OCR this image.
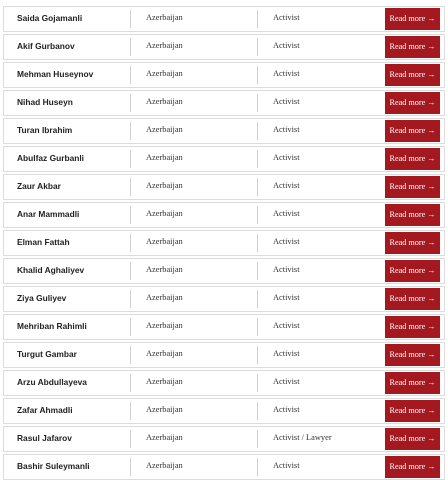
Saida Gojamanli	Azerbaijan	Activist	Read more →
Akif Gurbanov	Azerbaijan	Activist	Read more →
Mehman Huseynov	Azerbaijan	Activist	Read more →
Nihad Huseyn	Azerbaijan	Activist	Read more →
Turan Ibrahim	Azerbaijan	Activist	Read more →
Abulfaz Gurbanli	Azerbaijan	Activist	Read more →
Zaur Akbar	Azerbaijan	Activist	Read more →
Anar Mammadli	Azerbaijan	Activist	Read more →
Elman Fattah	Azerbaijan	Activist	Read more →
Khalid Aghaliyev	Azerbaijan	Activist	Read more →
Ziya Guliyev	Azerbaijan	Activist	Read more →
Mehriban Rahimli	Azerbaijan	Activist	Read more →
Turgut Gambar	Azerbaijan	Activist	Read more →
Arzu Abdullayeva	Azerbaijan	Activist	Read more →
Zafar Ahmadli	Azerbaijan	Activist	Read more →
Rasul Jafarov	Azerbaijan	Activist / Lawyer	Read more →
Bashir Suleymanli	Azerbaijan	Activist	Read more →
